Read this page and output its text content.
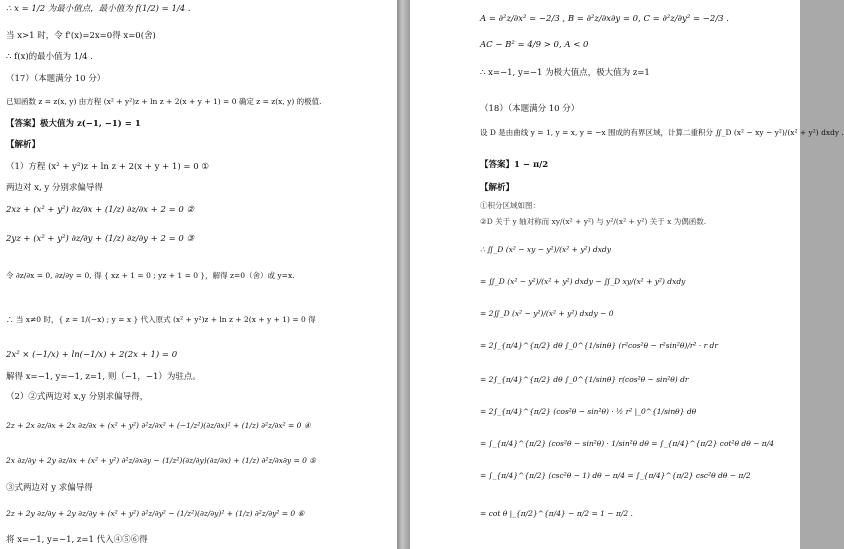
∴ x = 1/2 为最小值点，最小值为 f(1/2) = 1/4 .
当 x>1 时，令 f'(x)=2x=0得 x=0(舍)
∴ f(x)的最小值为 1/4 .
（17）（本题满分 10 分）
已知函数 z = z(x, y) 由方程 (x² + y²)z + ln z + 2(x + y + 1) = 0 确定 z = z(x, y) 的极值.
【答案】极大值为 z(−1, −1) = 1
【解析】
（1）方程 (x² + y²)z + ln z + 2(x + y + 1) = 0 ①
两边对 x, y 分别求偏导得
2xz + (x² + y²) ∂z/∂x + (1/z) ∂z/∂x + 2 = 0 ②
2yz + (x² + y²) ∂z/∂y + (1/z) ∂z/∂y + 2 = 0 ③
令 ∂z/∂x = 0, ∂z/∂y = 0, 得 { xz + 1 = 0 ; yz + 1 = 0 }，解得 z=0（舍）或 y=x.
∴ 当 x≠0 时，{ z = 1/(−x) ; y = x } 代入原式 (x² + y²)z + ln z + 2(x + y + 1) = 0 得
2x² × (−1/x) + ln(−1/x) + 2(2x + 1) = 0
解得 x=−1, y=−1, z=1, 则（−1，−1）为驻点。
（2）②式两边对 x,y 分别求偏导得，
2z + 2x ∂z/∂x + 2x ∂z/∂x + (x² + y²) ∂²z/∂x² + (−1/z²)(∂z/∂x)² + (1/z) ∂²z/∂x² = 0 ④
2x ∂z/∂y + 2y ∂z/∂x + (x² + y²) ∂²z/∂x∂y − (1/z²)(∂z/∂y)(∂z/∂x) + (1/z) ∂²z/∂x∂y = 0 ⑤
③式两边对 y 求偏导得
2z + 2y ∂z/∂y + 2y ∂z/∂y + (x² + y²) ∂²z/∂y² − (1/z²)(∂z/∂y)² + (1/z) ∂²z/∂y² = 0 ⑥
将 x=−1, y=−1, z=1 代入④⑤⑥得
A = ∂²z/∂x² = −2/3 , B = ∂²z/∂x∂y = 0, C = ∂²z/∂y² = −2/3 .
AC − B² = 4/9 > 0, A < 0
∴ x=−1, y=−1 为极大值点，极大值为 z=1
（18）（本题满分 10 分）
设 D 是由曲线 y = 1, y = x, y = −x 围成的有界区域，计算二重积分 ∬_D (x² − xy − y²)/(x² + y²) dxdy .
【答案】1 − π/2
【解析】
①积分区域如图：
②D 关于 y 轴对称而 xy/(x² + y²) 与 y²/(x² + y²) 关于 x 为偶函数.
∴ ∬_D (x² − xy − y²)/(x² + y²) dxdy
= ∬_D (x² − y²)/(x² + y²) dxdy − ∬_D xy/(x² + y²) dxdy
= 2∬_D (x² − y²)/(x² + y²) dxdy − 0
= 2∫_{π/4}^{π/2} dθ ∫_0^{1/sinθ} (r²cos²θ − r²sin²θ)/r² · r dr
= 2∫_{π/4}^{π/2} dθ ∫_0^{1/sinθ} r(cos²θ − sin²θ) dr
= 2∫_{π/4}^{π/2} (cos²θ − sin²θ) · ½ r² |_0^{1/sinθ} dθ
= ∫_{π/4}^{π/2} (cos²θ − sin²θ) · 1/sin²θ dθ = ∫_{π/4}^{π/2} cot²θ dθ − π/4
= ∫_{π/4}^{π/2} (csc²θ − 1) dθ − π/4 = ∫_{π/4}^{π/2} csc²θ dθ − π/2
= cot θ |_{π/2}^{π/4} − π/2 = 1 − π/2 .
